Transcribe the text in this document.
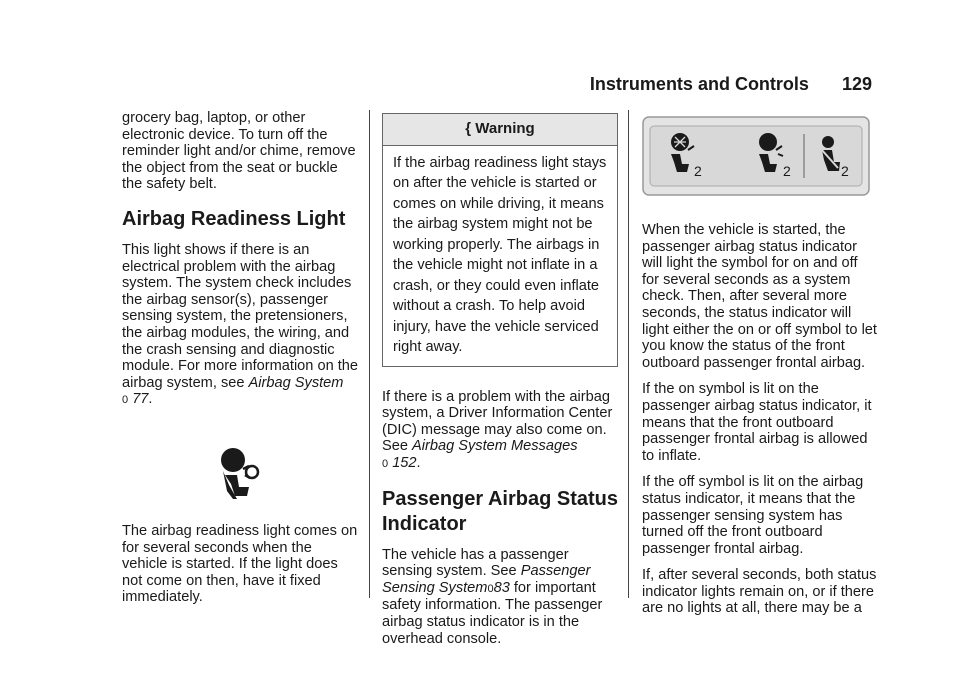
Instruments and Controls 129

grocery bag, laptop, or other electronic device. To turn off the reminder light and/or chime, remove the object from the seat or buckle the safety belt.

Airbag Readiness Light

This light shows if there is an electrical problem with the airbag system. The system check includes the airbag sensor(s), passenger sensing system, the pretensioners, the airbag modules, the wiring, and the crash sensing and diagnostic module. For more information on the airbag system, see Airbag System
0 77.

The airbag readiness light comes on for several seconds when the vehicle is started. If the light does not come on then, have it fixed immediately.

{ Warning
If the airbag readiness light stays on after the vehicle is started or comes on while driving, it means the airbag system might not be working properly. The airbags in the vehicle might not inflate in a crash, or they could even inflate without a crash. To help avoid injury, have the vehicle serviced right away.

If there is a problem with the airbag system, a Driver Information Center (DIC) message may also come on. See Airbag System Messages
0 152.

Passenger Airbag Status Indicator

The vehicle has a passenger sensing system. See Passenger Sensing System083 for important safety information. The passenger airbag status indicator is in the overhead console.

2	2	2

When the vehicle is started, the passenger airbag status indicator will light the symbol for on and off for several seconds as a system check. Then, after several more seconds, the status indicator will light either the on or off symbol to let you know the status of the front outboard passenger frontal airbag.

If the on symbol is lit on the passenger airbag status indicator, it means that the front outboard passenger frontal airbag is allowed to inflate.

If the off symbol is lit on the airbag status indicator, it means that the passenger sensing system has turned off the front outboard passenger frontal airbag.

If, after several seconds, both status indicator lights remain on, or if there are no lights at all, there may be a
